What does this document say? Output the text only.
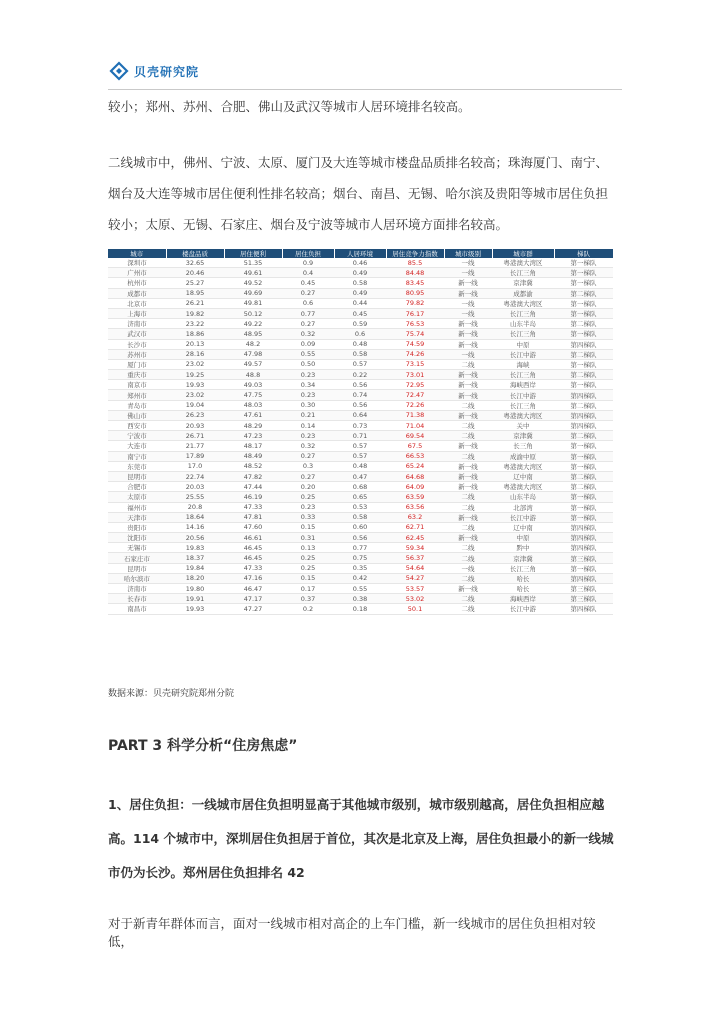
贝壳研究院

较小；郑州、苏州、合肥、佛山及武汉等城市人居环境排名较高。

二线城市中，佛州、宁波、太原、厦门及大连等城市楼盘品质排名较高；珠海厦门、南宁、烟台及大连等城市居住便利性排名较高；烟台、南昌、无锡、哈尔滨及贵阳等城市居住负担较小；太原、无锡、石家庄、烟台及宁波等城市人居环境方面排名较高。

城市	楼盘品质	居住便利	居住负担	人居环境	居住竞争力指数	城市级别	城市群	梯队
深圳市	32.65	51.35	0.9	0.46	85.5	一线	粤港澳大湾区	第一梯队
广州市	20.46	49.61	0.4	0.49	84.48	一线	长江三角	第一梯队
杭州市	25.27	49.52	0.45	0.58	83.45	新一线	京津冀	第一梯队
成都市	18.95	49.69	0.27	0.49	80.95	新一线	成都渝	第二梯队
北京市	26.21	49.81	0.6	0.44	79.82	一线	粤港澳大湾区	第一梯队
上海市	19.82	50.12	0.77	0.45	76.17	一线	长江三角	第一梯队
济南市	23.22	49.22	0.27	0.59	76.53	新一线	山东半岛	第二梯队
武汉市	18.86	48.95	0.32	0.6	75.74	新一线	长江三角	第一梯队
长沙市	20.13	48.2	0.09	0.48	74.59	新一线	中原	第四梯队
苏州市	28.16	47.98	0.55	0.58	74.26	一线	长江中游	第二梯队
厦门市	23.02	49.57	0.50	0.57	73.15	二线	海峡	第一梯队
重庆市	19.25	48.8	0.23	0.22	73.01	新一线	长江三角	第二梯队
南京市	19.93	49.03	0.34	0.56	72.95	新一线	海峡西岸	第一梯队
郑州市	23.02	47.75	0.23	0.74	72.47	新一线	长江中游	第四梯队
青岛市	19.04	48.03	0.30	0.56	72.26	二线	长江三角	第二梯队
佛山市	26.23	47.61	0.21	0.64	71.38	新一线	粤港澳大湾区	第四梯队
西安市	20.93	48.29	0.14	0.73	71.04	二线	关中	第四梯队
宁波市	26.71	47.23	0.23	0.71	69.54	二线	京津冀	第二梯队
大连市	21.77	48.17	0.32	0.57	67.5	新一线	长三角	第一梯队
南宁市	17.89	48.49	0.27	0.57	66.53	二线	成渝中原	第一梯队
东莞市	17.0	48.52	0.3	0.48	65.24	新一线	粤港澳大湾区	第一梯队
昆明市	22.74	47.82	0.27	0.47	64.68	新一线	辽中南	第二梯队
合肥市	20.03	47.44	0.20	0.68	64.09	新一线	粤港澳大湾区	第二梯队
太原市	25.55	46.19	0.25	0.65	63.59	二线	山东半岛	第一梯队
福州市	20.8	47.33	0.23	0.53	63.56	二线	北部湾	第一梯队
天津市	18.64	47.81	0.33	0.58	63.2	新一线	长江中游	第一梯队
贵阳市	14.16	47.60	0.15	0.60	62.71	二线	辽中南	第四梯队
沈阳市	20.56	46.61	0.31	0.56	62.45	新一线	中原	第四梯队
无锡市	19.83	46.45	0.13	0.77	59.34	二线	黔中	第四梯队
石家庄市	18.37	46.45	0.25	0.75	56.37	二线	京津冀	第三梯队
昆明市	19.84	47.33	0.25	0.35	54.64	一线	长江三角	第一梯队
哈尔滨市	18.20	47.16	0.15	0.42	54.27	二线	哈长	第四梯队
济南市	19.80	46.47	0.17	0.55	53.57	新一线	哈长	第三梯队
长春市	19.91	47.17	0.37	0.38	53.02	二线	海峡西岸	第三梯队
南昌市	19.93	47.27	0.2	0.18	50.1	二线	长江中游	第四梯队
数据来源：贝壳研究院郑州分院
PART 3 科学分析“住房焦虑”

1、居住负担：一线城市居住负担明显高于其他城市级别，城市级别越高，居住负担相应越高。114 个城市中，深圳居住负担居于首位，其次是北京及上海，居住负担最小的新一线城市仍为长沙。郑州居住负担排名 42

对于新青年群体而言，面对一线城市相对高企的上车门槛，新一线城市的居住负担相对较低，
